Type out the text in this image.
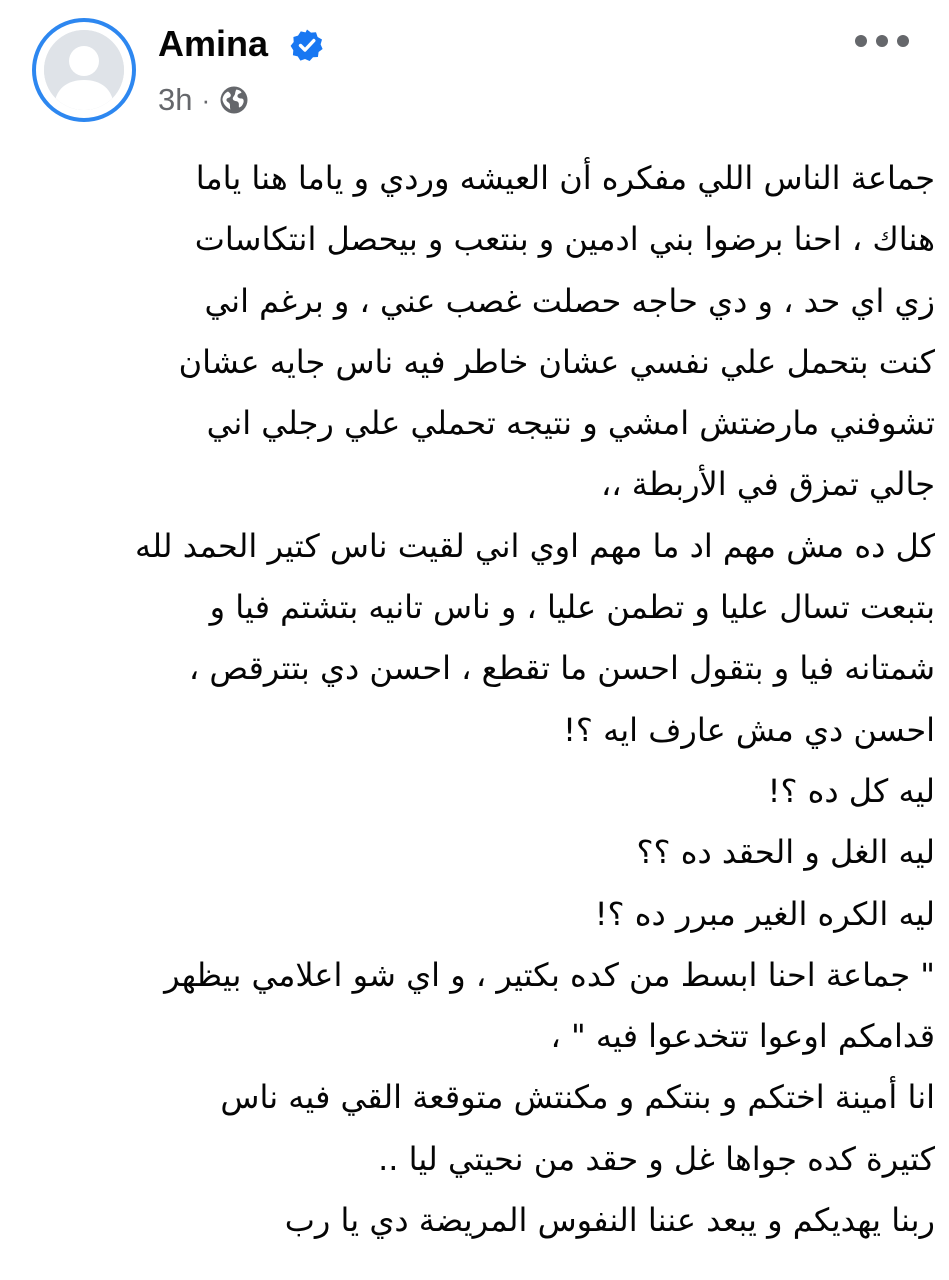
Amina
3h ·
جماعة الناس اللي مفكره أن العيشه وردي و ياما هنا ياما
هناك ، احنا برضوا بني ادمين و بنتعب و بيحصل انتكاسات
زي اي حد ، و دي حاجه حصلت غصب عني ، و برغم اني
كنت بتحمل علي نفسي عشان خاطر فيه ناس جايه عشان
تشوفني مارضتش امشي و نتيجه تحملي علي رجلي اني
جالي تمزق في الأربطة ،،
كل ده مش مهم اد ما مهم اوي اني لقيت ناس كتير الحمد لله
بتبعت تسال عليا و تطمن عليا ، و ناس تانيه بتشتم فيا و
شمتانه فيا و بتقول احسن ما تقطع ، احسن دي بتترقص ،
احسن دي مش عارف ايه ؟!
ليه كل ده ؟!
ليه الغل و الحقد ده ؟؟
ليه الكره الغير مبرر ده ؟!
" جماعة احنا ابسط من كده بكتير ، و اي شو اعلامي بيظهر
قدامكم اوعوا تتخدعوا فيه " ،
انا أمينة اختكم و بنتكم و مكنتش متوقعة القي فيه ناس
كتيرة كده جواها غل و حقد من نحيتي ليا ..
ربنا يهديكم و يبعد عننا النفوس المريضة دي يا رب
